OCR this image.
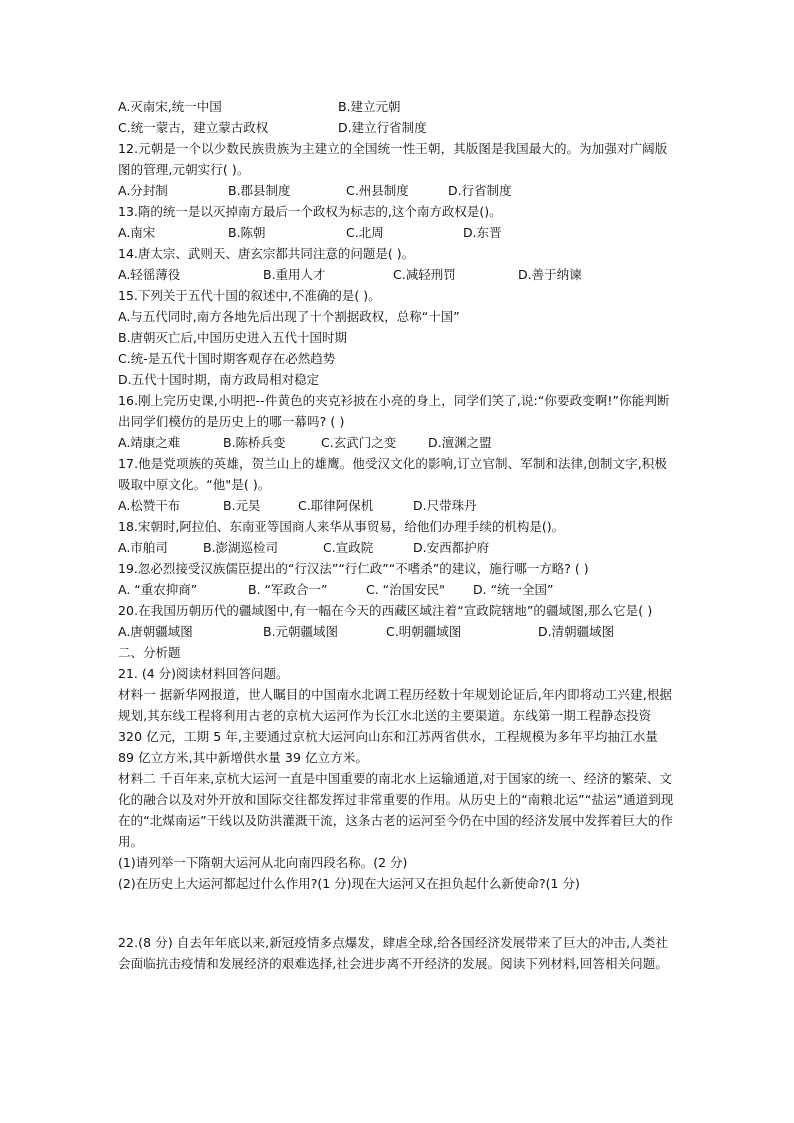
A.灭南宋,统一中国	B.建立元朝
C.统一蒙古，建立蒙古政权	D.建立行省制度
12.元朝是一个以少数民族贵族为主建立的全国统一性王朝，其版图是我国最大的。为加强对广阔版图的管理,元朝实行( )。
A.分封制	B.郡县制度	C.州县制度	D.行省制度
13.隋的统一是以灭掉南方最后一个政权为标志的,这个南方政权是()。
A.南宋	B.陈朝	C.北周	D.东晋
14.唐太宗、武则天、唐玄宗都共同注意的问题是( )。
A.轻徭薄役	B.重用人才	C.减轻刑罚	D.善于纳谏
15.下列关于五代十国的叙述中,不准确的是( )。
A.与五代同时,南方各地先后出现了十个割据政权，总称“十国”
B.唐朝灭亡后,中国历史进入五代十国时期
C.统-是五代十国时期客观存在必然趋势
D.五代十国时期，南方政局相对稳定
16.刚上完历史课,小明把--件黄色的夹克衫披在小亮的身上，同学们笑了,说:“你要政变啊!”你能判断出同学们模仿的是历史上的哪一幕吗? ( )
A.靖康之难	B.陈桥兵变	C.玄武门之变	D.澶渊之盟
17.他是党项族的英雄，贺兰山上的雄鹰。他受汉文化的影响,订立官制、军制和法律,创制文字,积极吸取中原文化。“他"是( )。
A.松赞干布	B.元昊	C.耶律阿保机	D.尺带珠丹
18.宋朝时,阿拉伯、东南亚等国商人来华从事贸易，给他们办理手续的机构是()。
A.市舶司	B.澎湖巡检司	C.宣政院	D.安西都护府
19.忽必烈接受汉族儒臣提出的“行汉法”“行仁政”“不嗜杀”的建议，施行哪一方略? ( )
A. “重农抑商”	B. “军政合一”	C. “治国安民" D. “统一全国”
20.在我国历朝历代的疆域图中,有一幅在今天的西藏区域注着“宣政院辖地”的疆域图,那么它是( )
A.唐朝疆域图	B.元朝疆域图	C.明朝疆域图	D.清朝疆域图
二、分析题
21. (4 分)阅读材料回答问题。
材料一 据新华网报道，世人瞩目的中国南水北调工程历经数十年规划论证后,年内即将动工兴建,根据规划,其东线工程将利用古老的京杭大运河作为长江水北送的主要渠道。东线第一期工程静态投资 320 亿元，工期 5 年,主要通过京杭大运河向山东和江苏两省供水，工程规模为多年平均抽江水量 89 亿立方米,其中新增供水量 39 亿立方米。
材料二 千百年来,京杭大运河一直是中国重要的南北水上运输通道,对于国家的统一、经济的繁荣、文化的融合以及对外开放和国际交往都发挥过非常重要的作用。从历史上的“南粮北运”“盐运”通道到现在的“北煤南运”干线以及防洪灌溉干流，这条古老的运河至今仍在中国的经济发展中发挥着巨大的作用。
(1)请列举一下隋朝大运河从北向南四段名称。(2 分)
(2)在历史上大运河都起过什么作用?(1 分)现在大运河又在担负起什么新使命?(1 分)
22.(8 分) 自去年年底以来,新冠疫情多点爆发，肆虐全球,给各国经济发展带来了巨大的冲击,人类社会面临抗击疫情和发展经济的艰难选择,社会进步离不开经济的发展。阅读下列材料,回答相关问题。
